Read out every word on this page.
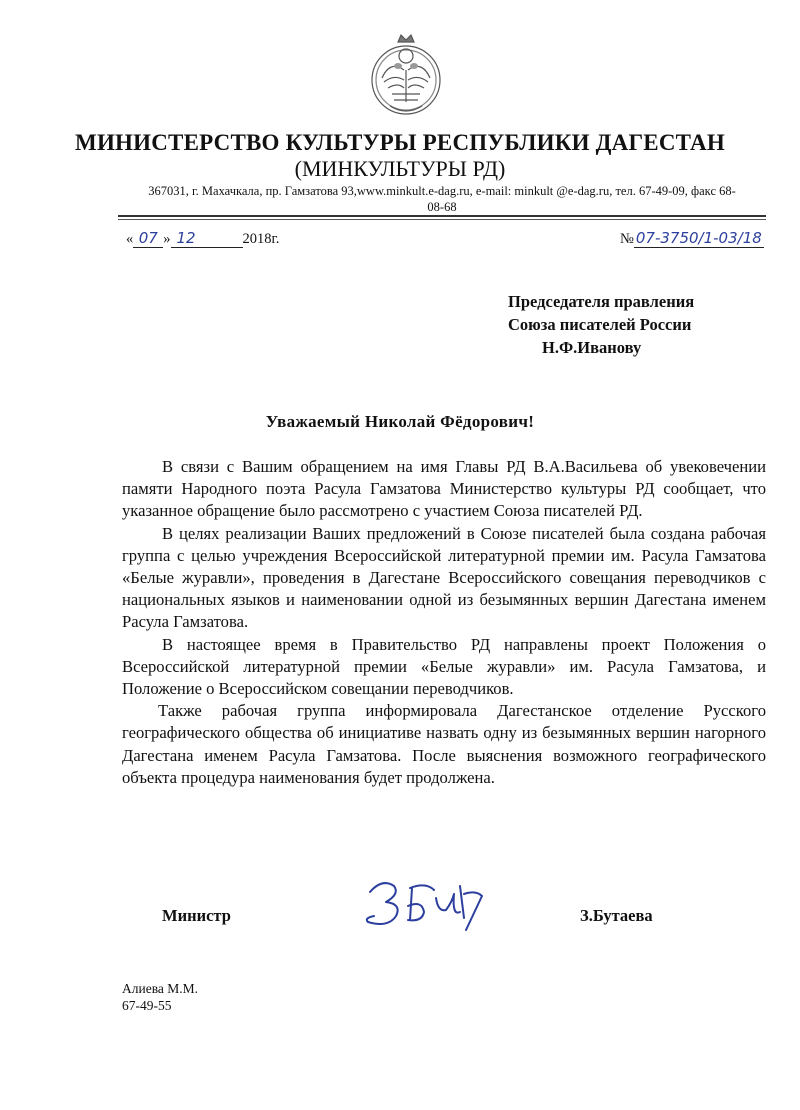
МИНИСТЕРСТВО КУЛЬТУРЫ РЕСПУБЛИКИ ДАГЕСТАН
(МИНКУЛЬТУРЫ РД)
367031, г. Махачкала, пр. Гамзатова 93,www.minkult.e-dag.ru, e-mail: minkult @e-dag.ru, тел. 67-49-09, факс 68-
08-68
« 07 » 12	2018г.	№ 07-3750/1-03/18
Председателя правления
Союза писателей России
Н.Ф.Иванову
Уважаемый Николай Фёдорович!

В связи с Вашим обращением на имя Главы РД В.А.Васильева об увековечении памяти Народного поэта Расула Гамзатова Министерство культуры РД сообщает, что указанное обращение было рассмотрено с участием Союза писателей РД.

В целях реализации Ваших предложений в Союзе писателей была создана рабочая группа с целью учреждения Всероссийской литературной премии им. Расула Гамзатова «Белые журавли», проведения в Дагестане Всероссийского совещания переводчиков с национальных языков и наименовании одной из безымянных вершин Дагестана именем Расула Гамзатова.

В настоящее время в Правительство РД направлены проект Положения о Всероссийской литературной премии «Белые журавли» им. Расула Гамзатова, и Положение о Всероссийском совещании переводчиков.

Также рабочая группа информировала Дагестанское отделение Русского географического общества об инициативе назвать одну из безымянных вершин нагорного Дагестана именем Расула Гамзатова. После выяснения возможного географического объекта процедура наименования будет продолжена.

Министр	З.Бутаева
Алиева М.М.
67-49-55
